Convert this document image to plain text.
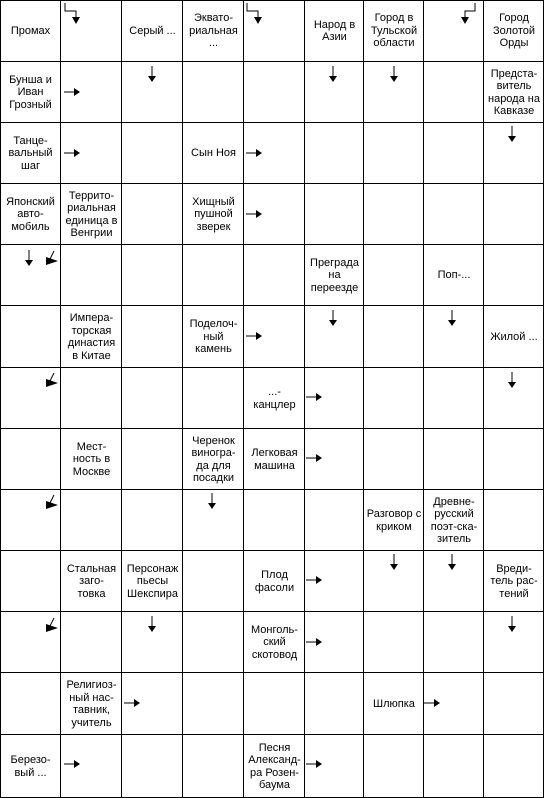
Промах	Серый ...
Эквато-
риальная
...
Народ в
Азии
Город в
Тульской
области
Город
Золотой
Орды
Бунша и
Иван
Грозный
Предста-
витель
народа на
Кавказе
Танце-
вальный
шаг
Сын Ноя
Японский
авто-
мобиль
Террито-
риальная
единица в
Венгрии
Хищный
пушной
зверек
Преграда
на
переезде
Поп-...
Импера-
торская
династия
в Китае
Поделоч-
ный
камень
Жилой ...
...-
канцлер
Мест-
ность в
Москве
Черенок
виногра-
да для
посадки
Легковая
машина
Разговор с
криком
Древне-
русский
поэт-ска-
зитель
Стальная
заго-
товка
Персонаж
пьесы
Шекспира
Плод
фасоли
Вреди-
тель рас-
тений
Монголь-
ский
скотовод
Религиоз-
ный нас-
тавник,
учитель
Шлюпка
Березо-
вый ...
Песня
Александ-
ра Розен-
баума
